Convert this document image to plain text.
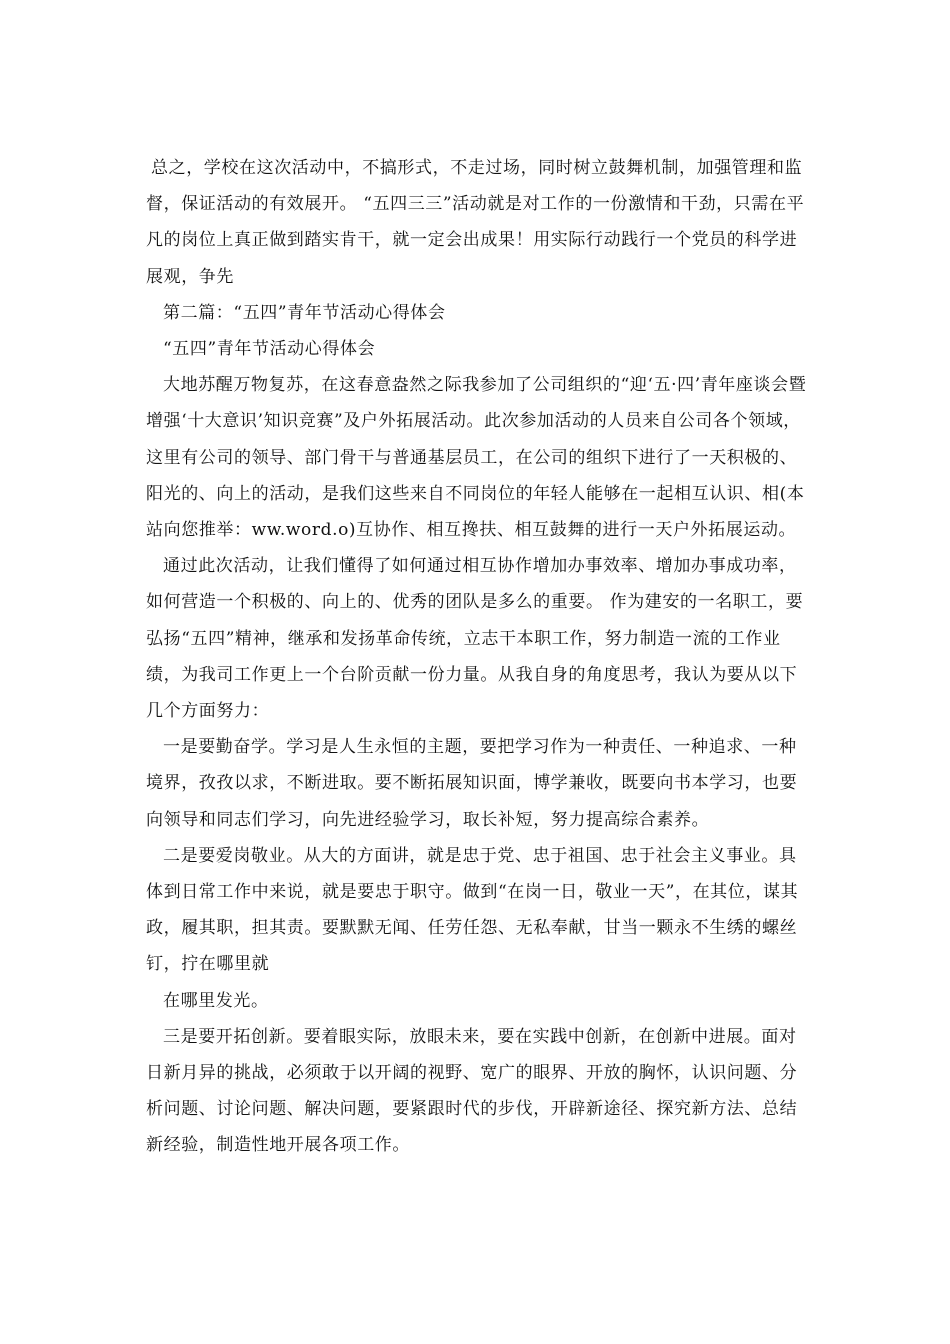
总之，学校在这次活动中，不搞形式，不走过场，同时树立鼓舞机制，加强管理和监督，保证活动的有效展开。 “五四三三”活动就是对工作的一份激情和干劲，只需在平凡的岗位上真正做到踏实肯干，就一定会出成果！用实际行动践行一个党员的科学进展观，争先

第二篇：“五四”青年节活动心得体会

“五四”青年节活动心得体会

大地苏醒万物复苏，在这春意盎然之际我参加了公司组织的“迎‘五·四’青年座谈会暨增强‘十大意识’知识竞赛”及户外拓展活动。此次参加活动的人员来自公司各个领域，这里有公司的领导、部门骨干与普通基层员工，在公司的组织下进行了一天积极的、阳光的、向上的活动，是我们这些来自不同岗位的年轻人能够在一起相互认识、相(本站向您推举：ww.word.o)互协作、相互搀扶、相互鼓舞的进行一天户外拓展运动。

通过此次活动，让我们懂得了如何通过相互协作增加办事效率、增加办事成功率，如何营造一个积极的、向上的、优秀的团队是多么的重要。 作为建安的一名职工，要弘扬“五四”精神，继承和发扬革命传统，立志干本职工作，努力制造一流的工作业绩，为我司工作更上一个台阶贡献一份力量。从我自身的角度思考，我认为要从以下几个方面努力：

一是要勤奋学。学习是人生永恒的主题，要把学习作为一种责任、一种追求、一种境界，孜孜以求，不断进取。要不断拓展知识面，博学兼收，既要向书本学习，也要向领导和同志们学习，向先进经验学习，取长补短，努力提高综合素养。

二是要爱岗敬业。从大的方面讲，就是忠于党、忠于祖国、忠于社会主义事业。具体到日常工作中来说，就是要忠于职守。做到“在岗一日，敬业一天”，在其位，谋其政，履其职，担其责。要默默无闻、任劳任怨、无私奉献，甘当一颗永不生绣的螺丝钉，拧在哪里就

在哪里发光。

三是要开拓创新。要着眼实际，放眼未来，要在实践中创新，在创新中进展。面对日新月异的挑战，必须敢于以开阔的视野、宽广的眼界、开放的胸怀，认识问题、分析问题、讨论问题、解决问题，要紧跟时代的步伐，开辟新途径、探究新方法、总结新经验，制造性地开展各项工作。
